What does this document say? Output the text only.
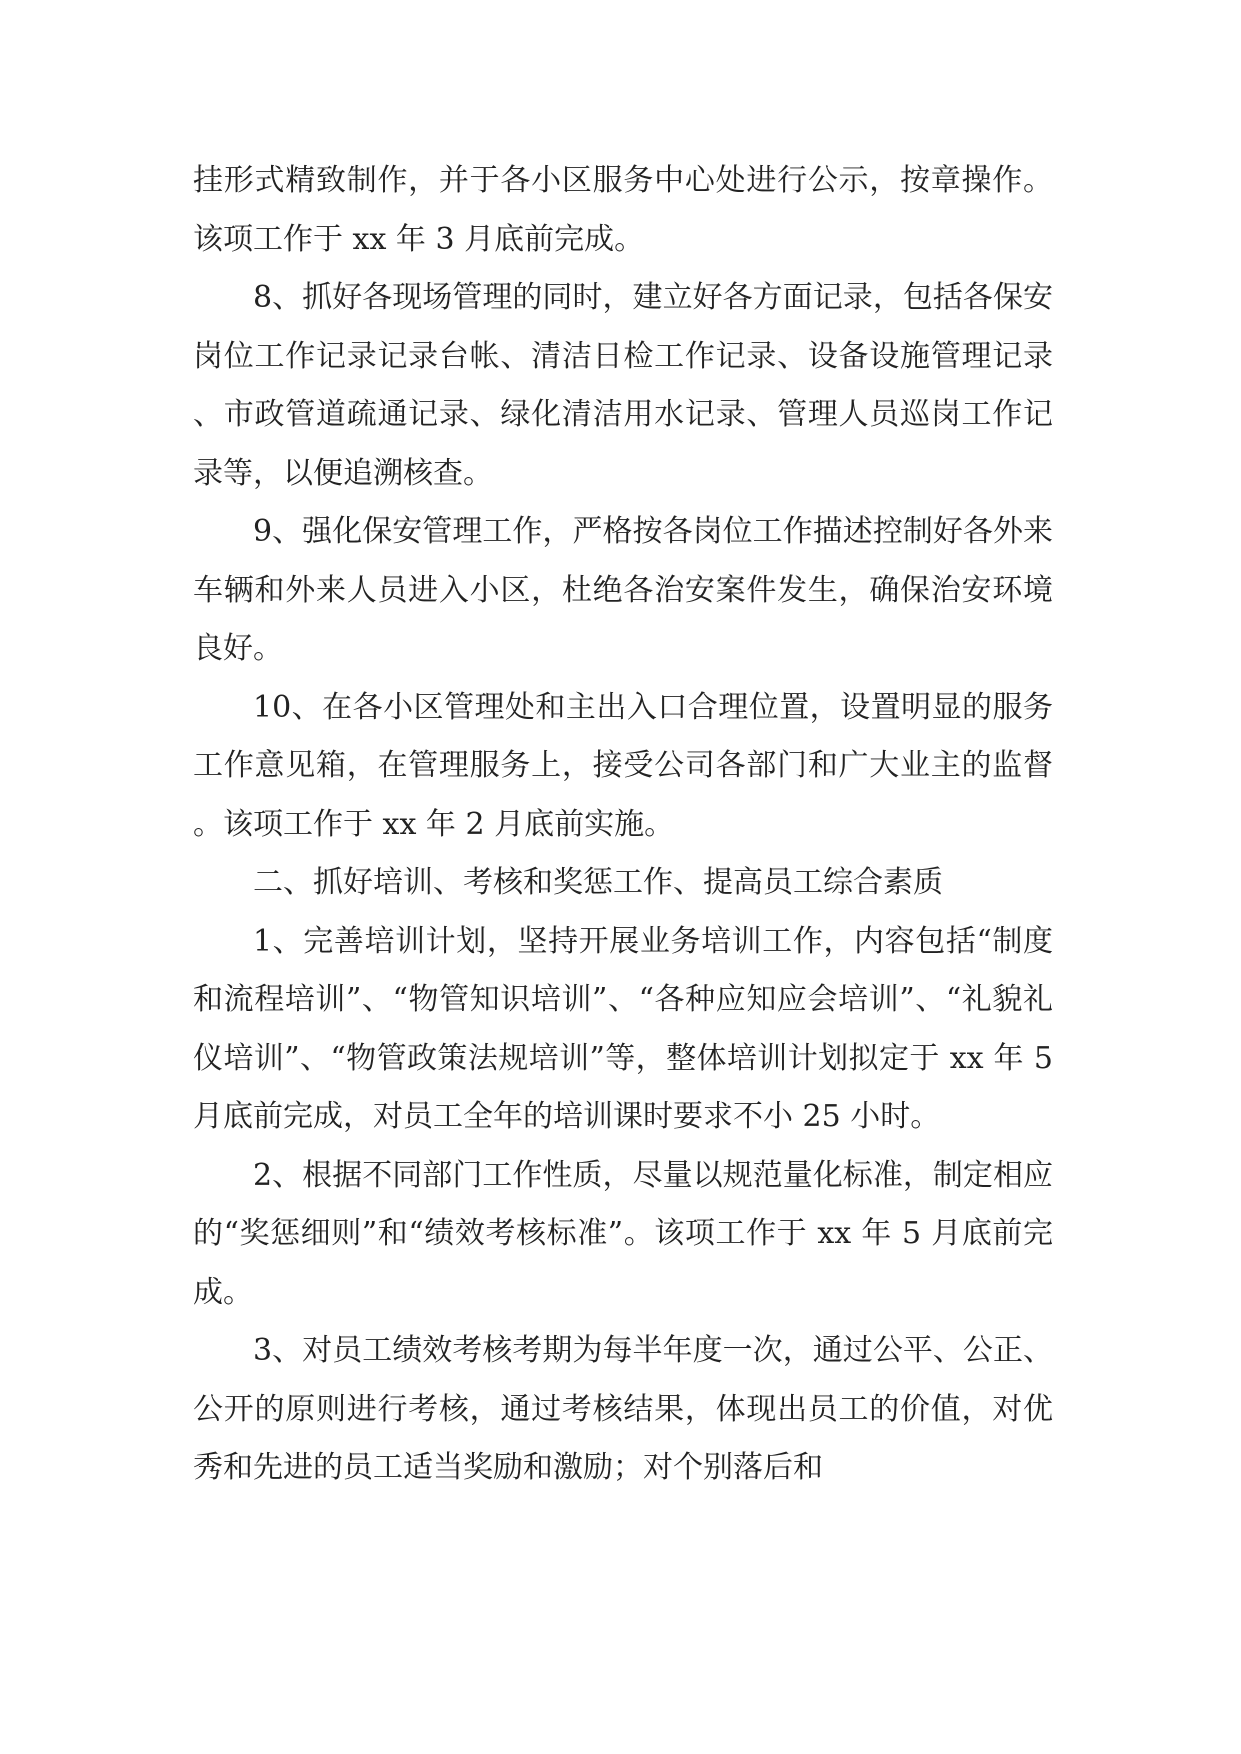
挂形式精致制作，并于各小区服务中心处进行公示，按章操作。该项工作于 xx 年 3 月底前完成。

8、抓好各现场管理的同时，建立好各方面记录，包括各保安岗位工作记录记录台帐、清洁日检工作记录、设备设施管理记录、市政管道疏通记录、绿化清洁用水记录、管理人员巡岗工作记录等，以便追溯核查。

9、强化保安管理工作，严格按各岗位工作描述控制好各外来车辆和外来人员进入小区，杜绝各治安案件发生，确保治安环境良好。

10、在各小区管理处和主出入口合理位置，设置明显的服务工作意见箱，在管理服务上，接受公司各部门和广大业主的监督。该项工作于 xx 年 2 月底前实施。

二、抓好培训、考核和奖惩工作、提高员工综合素质

1、完善培训计划，坚持开展业务培训工作，内容包括“制度和流程培训”、“物管知识培训”、“各种应知应会培训”、“礼貌礼仪培训”、“物管政策法规培训”等，整体培训计划拟定于 xx 年 5 月底前完成，对员工全年的培训课时要求不小 25 小时。

2、根据不同部门工作性质，尽量以规范量化标准，制定相应的“奖惩细则”和“绩效考核标准”。该项工作于 xx 年 5 月底前完成。

3、对员工绩效考核考期为每半年度一次，通过公平、公正、公开的原则进行考核，通过考核结果，体现出员工的价值，对优秀和先进的员工适当奖励和激励；对个别落后和
